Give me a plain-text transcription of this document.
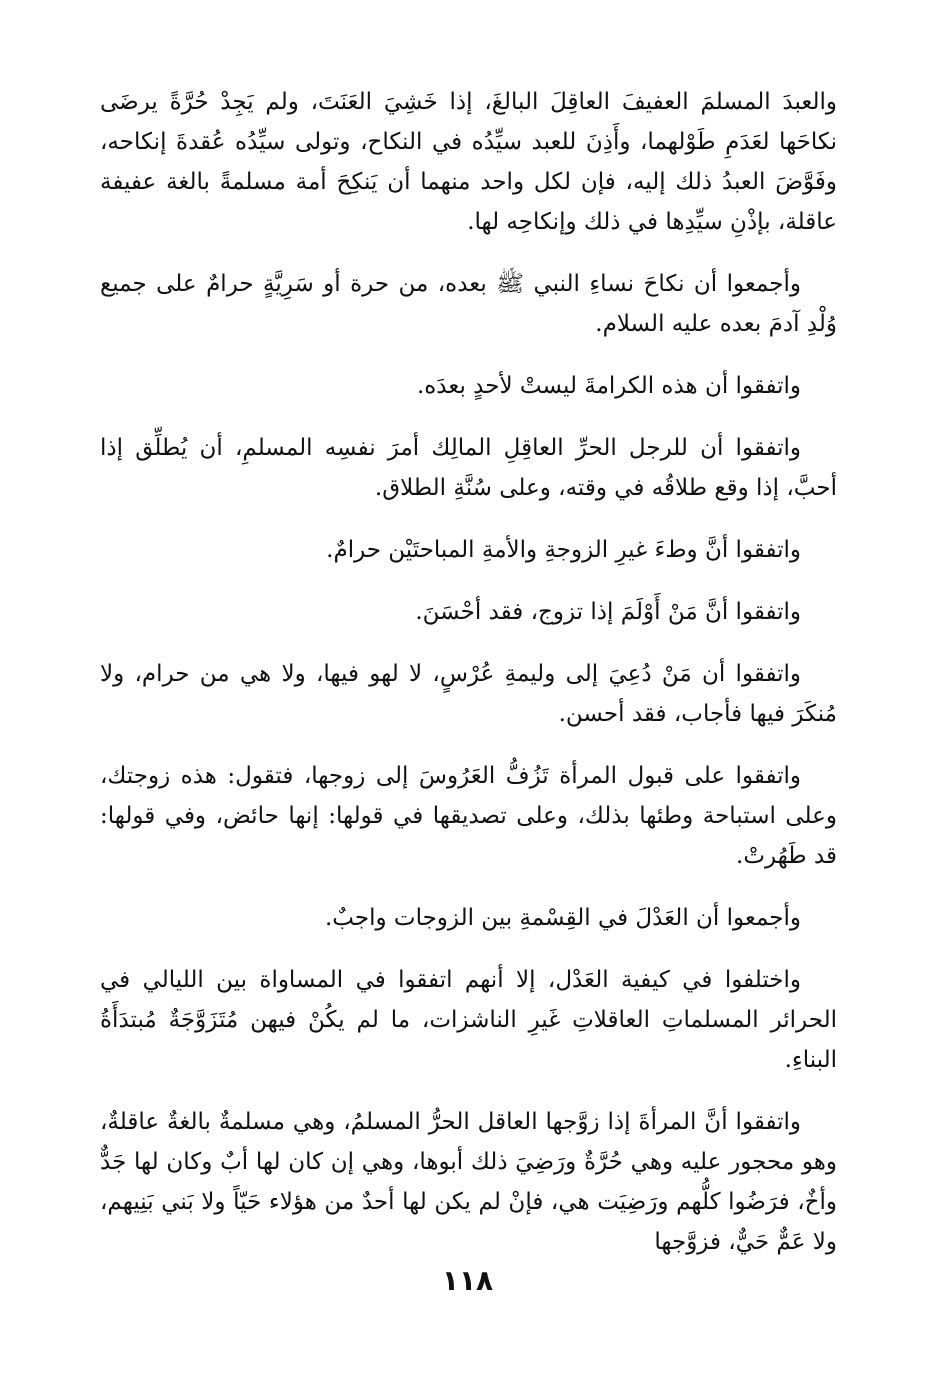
والعبدَ المسلمَ العفيفَ العاقِلَ البالغَ، إذا خَشِيَ العَنَتَ، ولم يَجِدْ حُرَّةً يرضَى نكاحَها لعَدَمِ طَوْلهما، وأَذِنَ للعبد سيِّدُه في النكاح، وتولى سيِّدُه عُقدةَ إنكاحه، وفَوَّضَ العبدُ ذلك إليه، فإن لكل واحد منهما أن يَنكِحَ أمة مسلمةً بالغة عفيفة عاقلة، بإذْنِ سيِّدِها في ذلك وإنكاحِه لها.

وأجمعوا أن نكاحَ نساءِ النبي ﷺ بعده، من حرة أو سَرِيَّةٍ حرامٌ على جميع وُلْدِ آدمَ بعده عليه السلام.

واتفقوا أن هذه الكرامةَ ليستْ لأحدٍ بعدَه.

واتفقوا أن للرجل الحرِّ العاقِلِ المالِك أمرَ نفسِه المسلمِ، أن يُطلِّق إذا أحبَّ، إذا وقع طلاقُه في وقته، وعلى سُنَّةِ الطلاق.

واتفقوا أنَّ وطءَ غيرِ الزوجةِ والأمةِ المباحتَيْن حرامٌ.

واتفقوا أنَّ مَنْ أَوْلَمَ إذا تزوج، فقد أحْسَنَ.

واتفقوا أن مَنْ دُعِيَ إلى وليمةِ عُرْسٍ، لا لهو فيها، ولا هي من حرام، ولا مُنكَرَ فيها فأجاب، فقد أحسن.

واتفقوا على قبول المرأة تَزُفُّ العَرُوسَ إلى زوجها، فتقول: هذه زوجتك، وعلى استباحة وطئها بذلك، وعلى تصديقها في قولها: إنها حائض، وفي قولها: قد طَهُرتْ.

وأجمعوا أن العَدْلَ في القِسْمةِ بين الزوجات واجبٌ.

واختلفوا في كيفية العَدْل، إلا أنهم اتفقوا في المساواة بين الليالي في الحرائر المسلماتِ العاقلاتِ غَيرِ الناشزات، ما لم يكُنْ فيهن مُتَزَوَّجَةٌ مُبتدَأَةُ البناءِ.

واتفقوا أنَّ المرأةَ إذا زوَّجها العاقل الحرُّ المسلمُ، وهي مسلمةٌ بالغةٌ عاقلةٌ، وهو محجور عليه وهي حُرَّةٌ ورَضِيَ ذلك أبوها، وهي إن كان لها أبٌ وكان لها جَدٌّ وأخٌ، فرَضُوا كلُّهم ورَضِيَت هي، فإنْ لم يكن لها أحدٌ من هؤلاء حَيّاً ولا بَني بَنِيهم، ولا عَمٌّ حَيٌّ، فزوَّجها

١١٨
